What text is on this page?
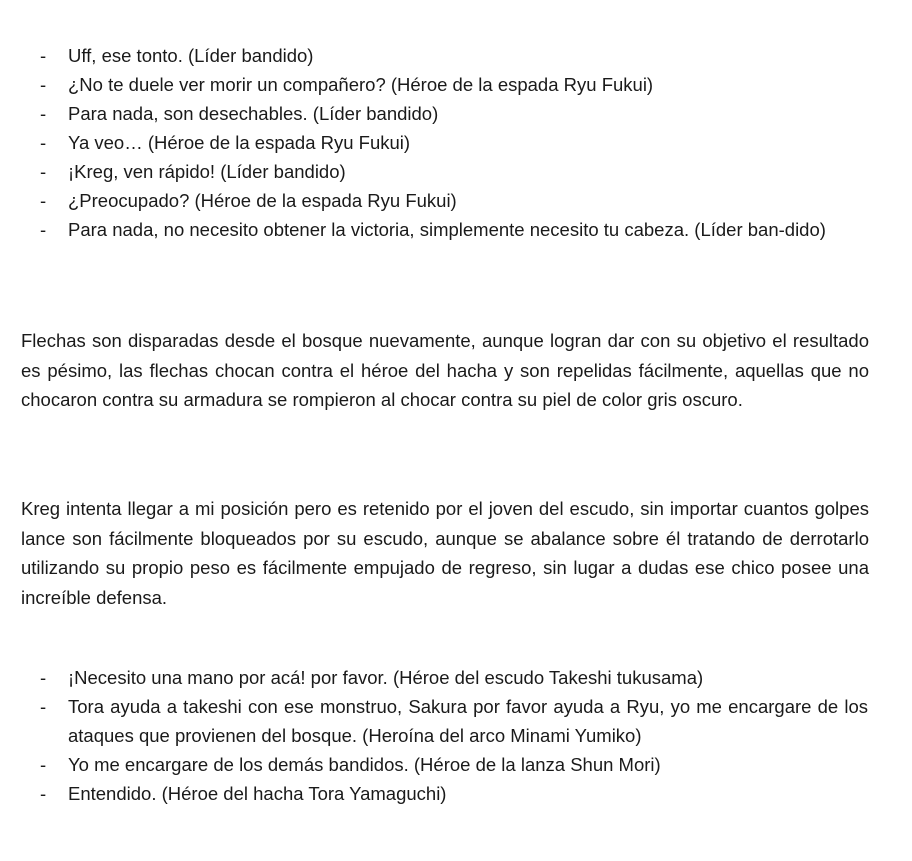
- Uff, ese tonto. (Líder bandido)
- ¿No te duele ver morir un compañero? (Héroe de la espada Ryu Fukui)
- Para nada, son desechables. (Líder bandido)
- Ya veo… (Héroe de la espada Ryu Fukui)
- ¡Kreg, ven rápido! (Líder bandido)
- ¿Preocupado? (Héroe de la espada Ryu Fukui)
- Para nada, no necesito obtener la victoria, simplemente necesito tu cabeza. (Líder ban-dido)

Flechas son disparadas desde el bosque nuevamente, aunque logran dar con su objetivo el resultado es pésimo, las flechas chocan contra el héroe del hacha y son repelidas fácilmente, aquellas que no chocaron contra su armadura se rompieron al chocar contra su piel de color gris oscuro.

Kreg intenta llegar a mi posición pero es retenido por el joven del escudo, sin importar cuantos golpes lance son fácilmente bloqueados por su escudo, aunque se abalance sobre él tratando de derrotarlo utilizando su propio peso es fácilmente empujado de regreso, sin lugar a dudas ese chico posee una increíble defensa.

- ¡Necesito una mano por acá! por favor. (Héroe del escudo Takeshi tukusama)
- Tora ayuda a takeshi con ese monstruo, Sakura por favor ayuda a Ryu, yo me encargare de los ataques que provienen del bosque. (Heroína del arco Minami Yumiko)
- Yo me encargare de los demás bandidos. (Héroe de la lanza Shun Mori)
- Entendido. (Héroe del hacha Tora Yamaguchi)
